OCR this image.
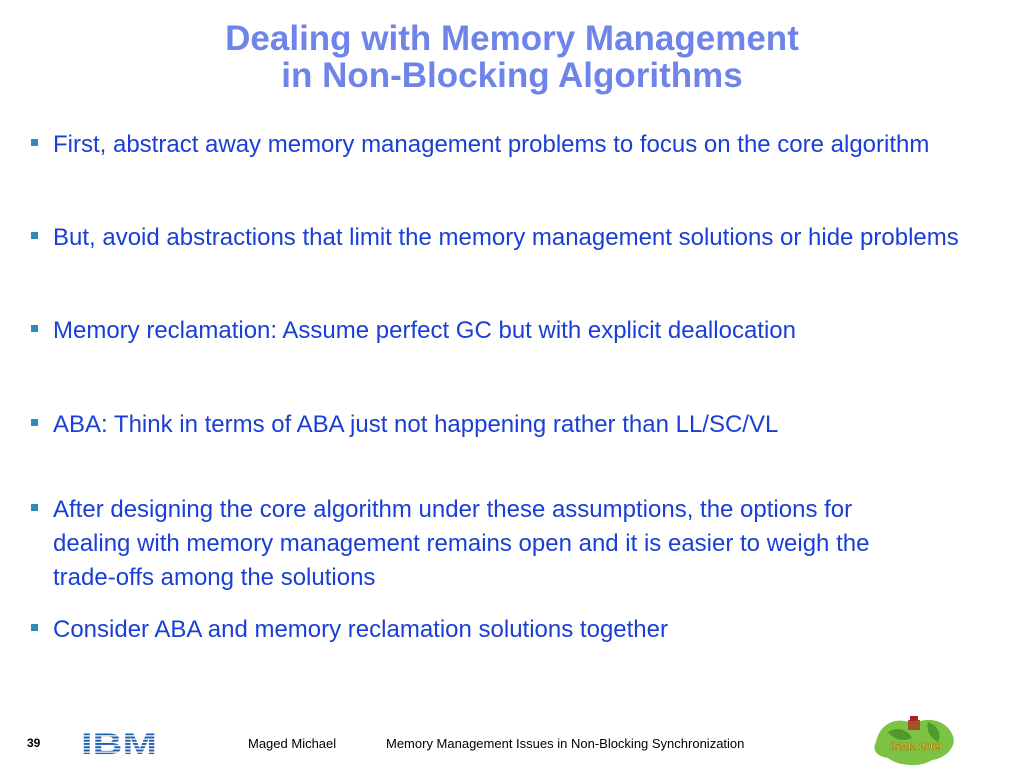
Dealing with Memory Management
in Non-Blocking Algorithms
First, abstract away memory management problems to focus on the core algorithm
But, avoid abstractions that limit the memory management solutions or hide problems
Memory reclamation: Assume perfect GC but with explicit deallocation
ABA: Think in terms of ABA just not happening rather than LL/SC/VL
After designing the core algorithm under these assumptions, the options for dealing with memory management remains open and it is easier to weigh the trade-offs among the solutions
Consider ABA and memory reclamation solutions together
39 IBM	Maged Michael	Memory Management Issues in Non-Blocking Synchronization	ISMM 2009
